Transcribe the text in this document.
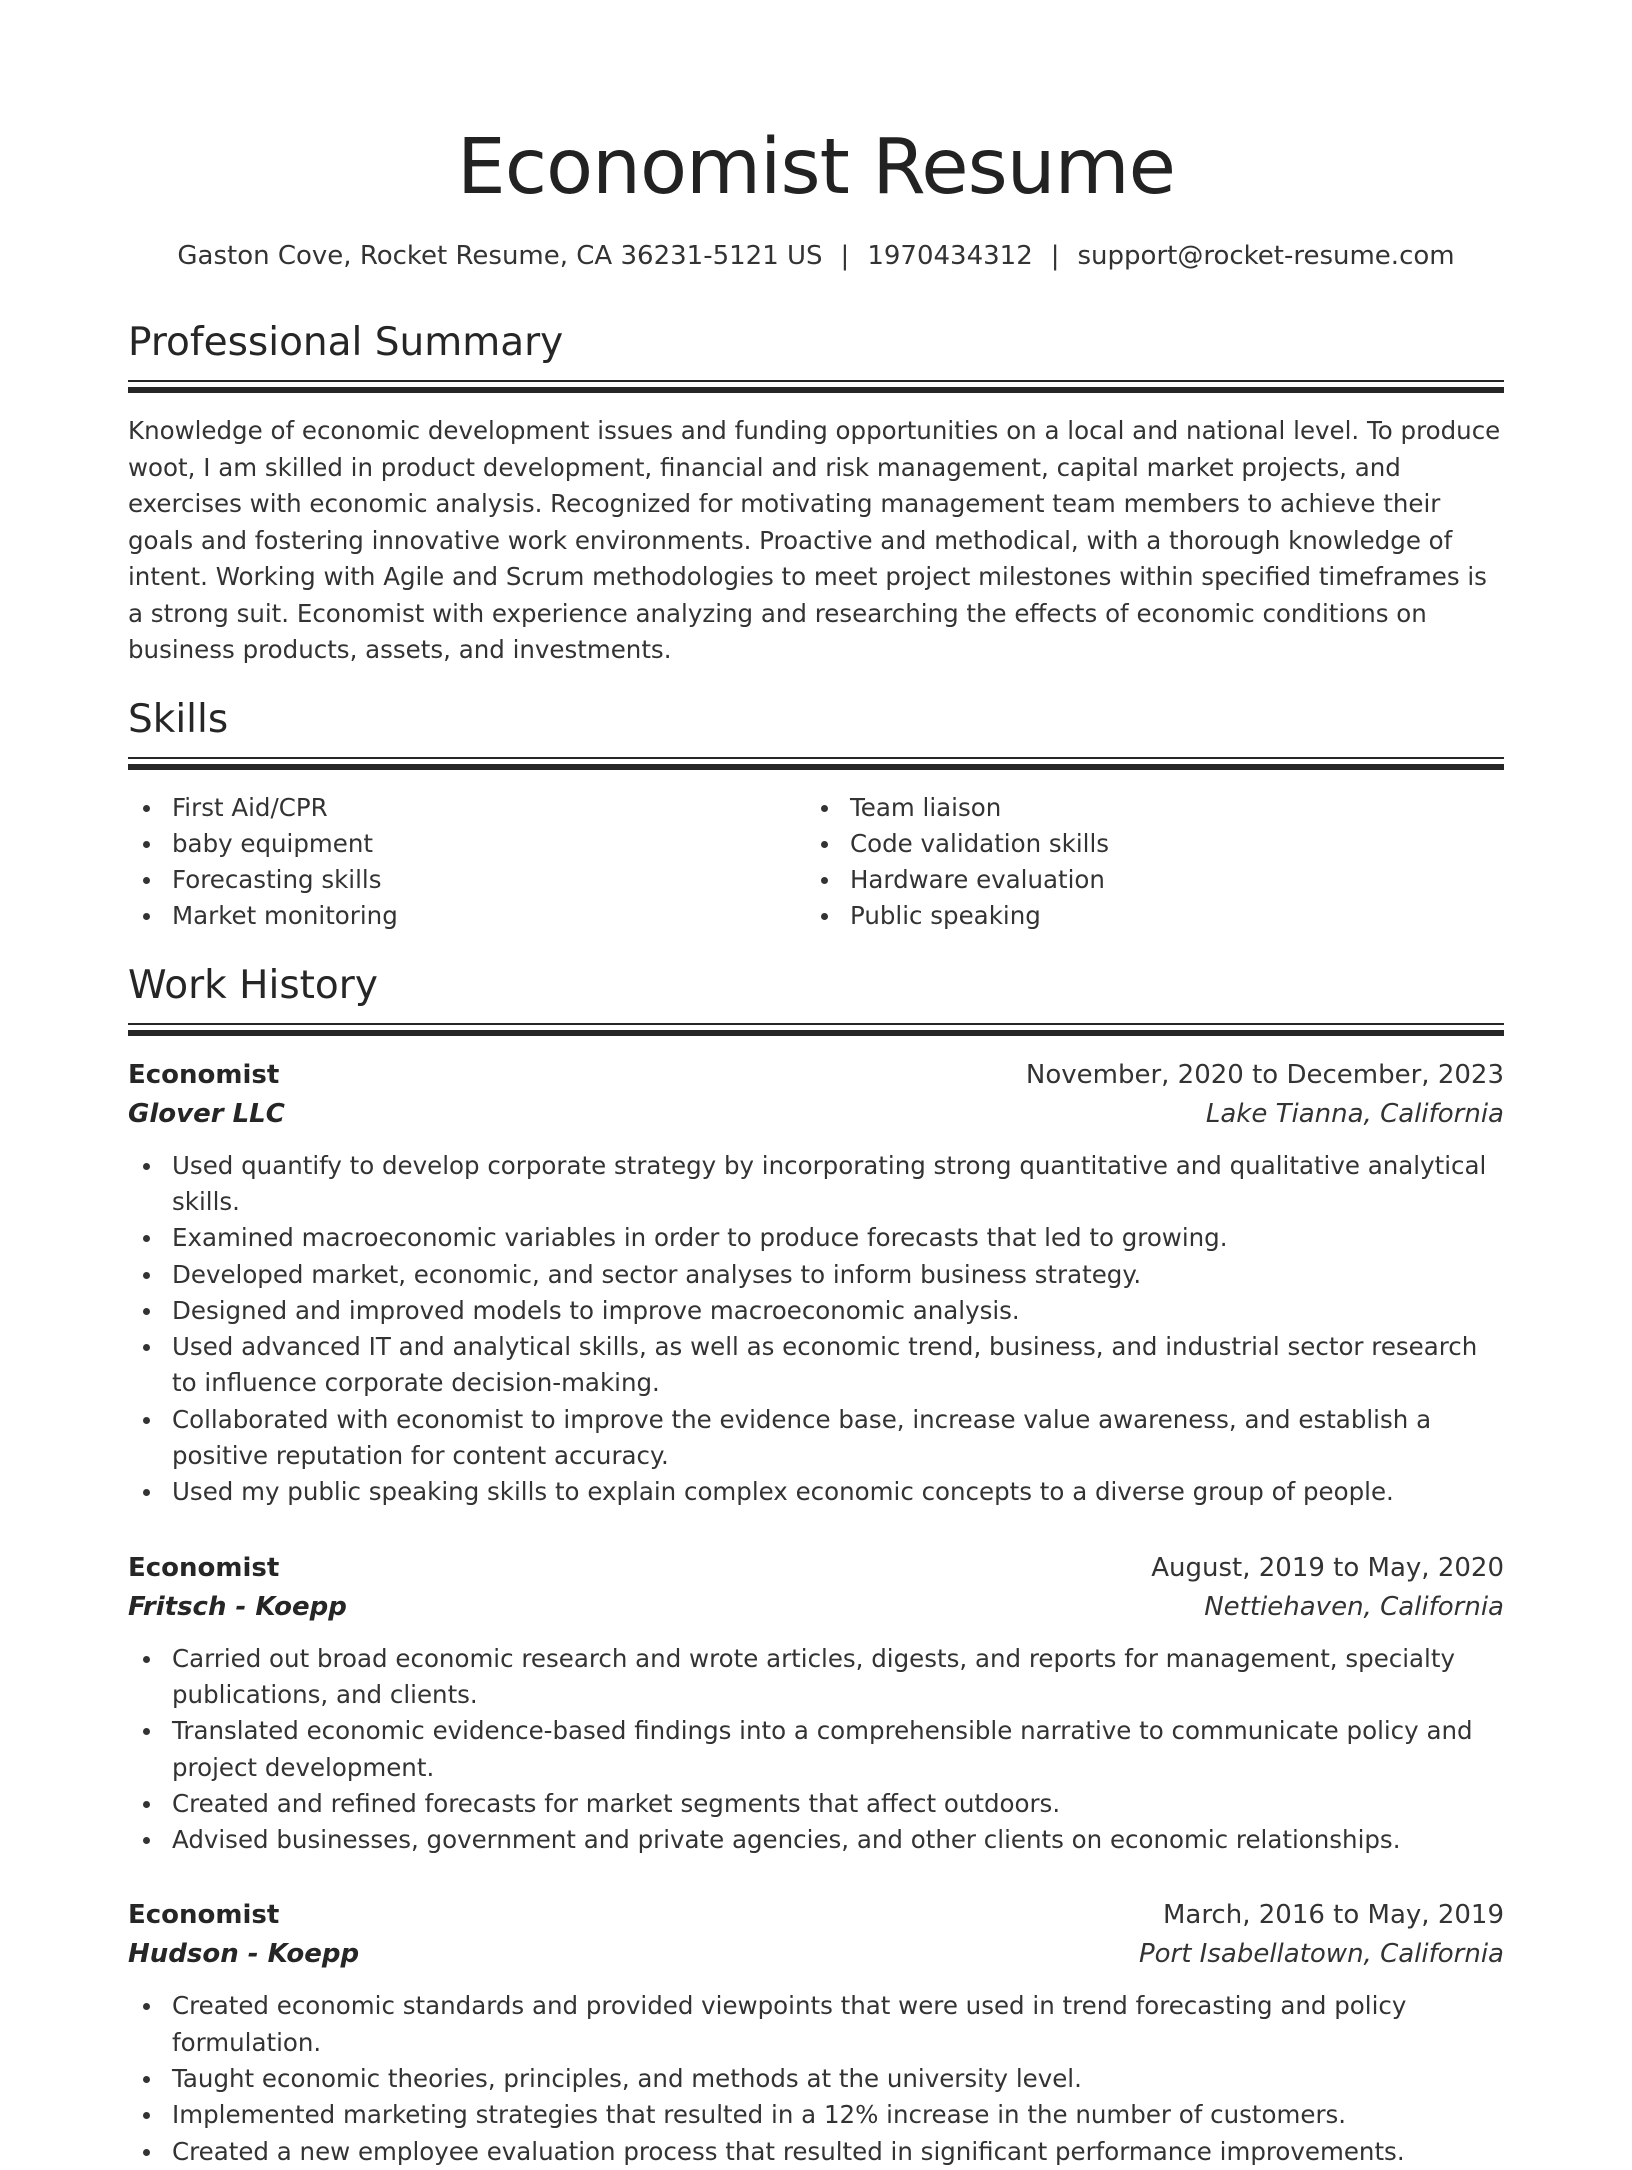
Economist Resume
Gaston Cove, Rocket Resume, CA 36231-5121 US | 1970434312 | support@rocket-resume.com
Professional Summary

Knowledge of economic development issues and funding opportunities on a local and national level. To produce woot, I am skilled in product development, financial and risk management, capital market projects, and exercises with economic analysis. Recognized for motivating management team members to achieve their goals and fostering innovative work environments. Proactive and methodical, with a thorough knowledge of intent. Working with Agile and Scrum methodologies to meet project milestones within specified timeframes is a strong suit. Economist with experience analyzing and researching the effects of economic conditions on business products, assets, and investments.

Skills
First Aid/CPR
baby equipment
Forecasting skills
Market monitoring
Team liaison
Code validation skills
Hardware evaluation
Public speaking
Work History
Economist	November, 2020 to December, 2023
Glover LLC	Lake Tianna, California
Used quantify to develop corporate strategy by incorporating strong quantitative and qualitative analytical skills.
Examined macroeconomic variables in order to produce forecasts that led to growing.
Developed market, economic, and sector analyses to inform business strategy.
Designed and improved models to improve macroeconomic analysis.
Used advanced IT and analytical skills, as well as economic trend, business, and industrial sector research to influence corporate decision-making.
Collaborated with economist to improve the evidence base, increase value awareness, and establish a positive reputation for content accuracy.
Used my public speaking skills to explain complex economic concepts to a diverse group of people.
Economist	August, 2019 to May, 2020
Fritsch - Koepp	Nettiehaven, California
Carried out broad economic research and wrote articles, digests, and reports for management, specialty publications, and clients.
Translated economic evidence-based findings into a comprehensible narrative to communicate policy and project development.
Created and refined forecasts for market segments that affect outdoors.
Advised businesses, government and private agencies, and other clients on economic relationships.
Economist	March, 2016 to May, 2019
Hudson - Koepp	Port Isabellatown, California
Created economic standards and provided viewpoints that were used in trend forecasting and policy formulation.
Taught economic theories, principles, and methods at the university level.
Implemented marketing strategies that resulted in a 12% increase in the number of customers.
Created a new employee evaluation process that resulted in significant performance improvements.
